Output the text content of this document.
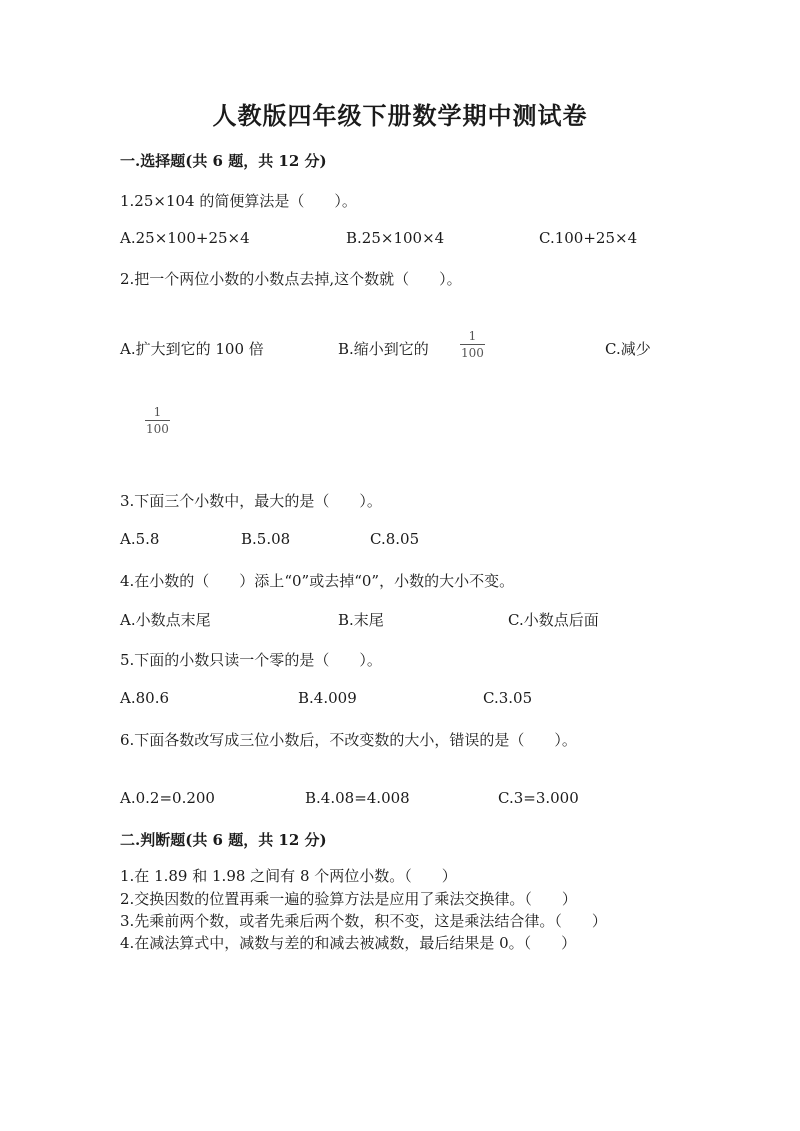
人教版四年级下册数学期中测试卷
一.选择题(共 6 题，共 12 分)
1.25×104 的简便算法是（　　）。
A.25×100+25×4	B.25×100×4	C.100+25×4
2.把一个两位小数的小数点去掉,这个数就（　　）。
A.扩大到它的 100 倍	B.缩小到它的	$\frac{1}{100}$	C.减少
$\frac{1}{100}$
3.下面三个小数中，最大的是（　　）。
A.5.8	B.5.08	C.8.05
4.在小数的（　　）添上“0”或去掉“0”，小数的大小不变。
A.小数点末尾	B.末尾	C.小数点后面
5.下面的小数只读一个零的是（　　）。
A.80.6	B.4.009	C.3.05
6.下面各数改写成三位小数后，不改变数的大小，错误的是（　　）。
A.0.2=0.200	B.4.08=4.008	C.3=3.000
二.判断题(共 6 题，共 12 分)
1.在 1.89 和 1.98 之间有 8 个两位小数。（　　）
2.交换因数的位置再乘一遍的验算方法是应用了乘法交换律。（　　）
3.先乘前两个数，或者先乘后两个数，积不变，这是乘法结合律。（　　）
4.在减法算式中，减数与差的和减去被减数，最后结果是 0。（　　）
